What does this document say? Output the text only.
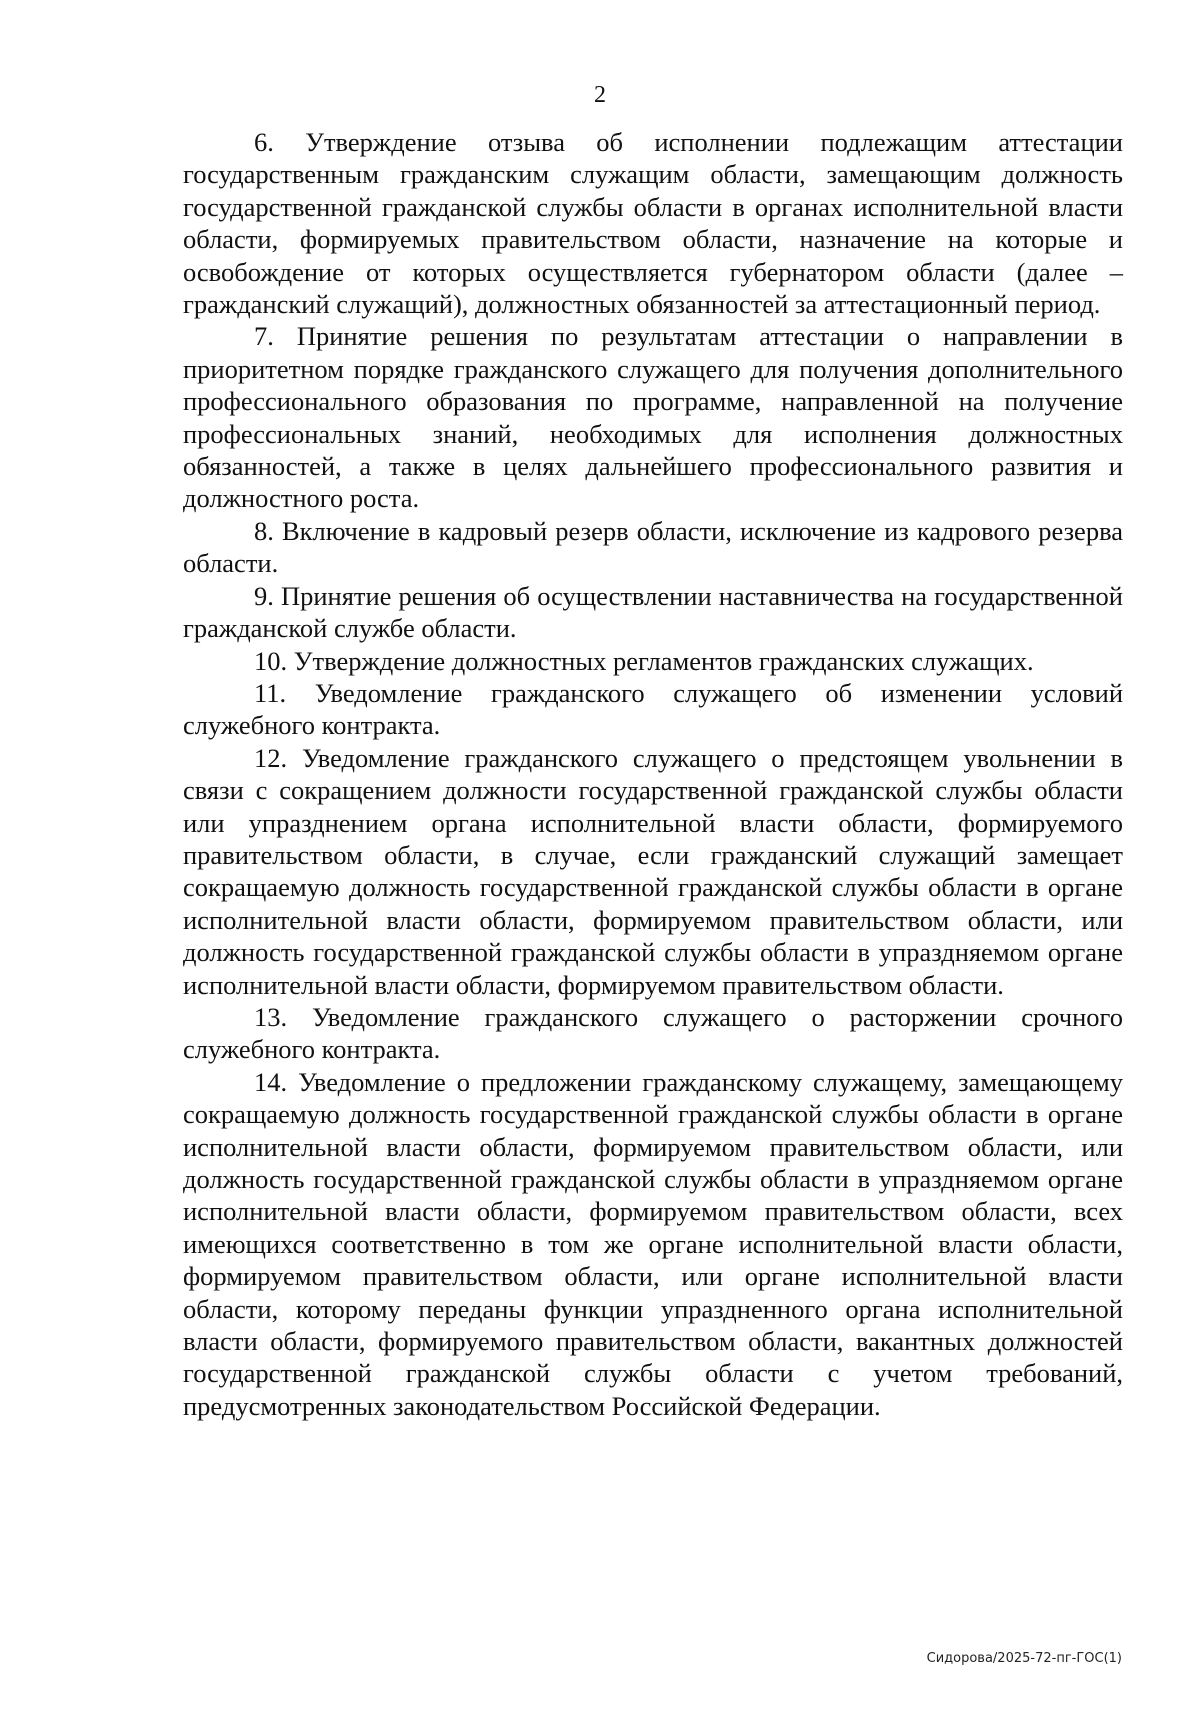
2

6. Утверждение отзыва об исполнении подлежащим аттестации государственным гражданским служащим области, замещающим должность государственной гражданской службы области в органах исполнительной власти области, формируемых правительством области, назначение на которые и освобождение от которых осуществляется губернатором области (далее – гражданский служащий), должностных обязанностей за аттестационный период.

7. Принятие решения по результатам аттестации о направлении в приоритетном порядке гражданского служащего для получения дополнительного профессионального образования по программе, направленной на получение профессиональных знаний, необходимых для исполнения должностных обязанностей, а также в целях дальнейшего профессионального развития и должностного роста.

8. Включение в кадровый резерв области, исключение из кадрового резерва области.

9. Принятие решения об осуществлении наставничества на государственной гражданской службе области.

10. Утверждение должностных регламентов гражданских служащих.

11. Уведомление гражданского служащего об изменении условий служебного контракта.

12. Уведомление гражданского служащего о предстоящем увольнении в связи с сокращением должности государственной гражданской службы области или упразднением органа исполнительной власти области, формируемого правительством области, в случае, если гражданский служащий замещает сокращаемую должность государственной гражданской службы области в органе исполнительной власти области, формируемом правительством области, или должность государственной гражданской службы области в упраздняемом органе исполнительной власти области, формируемом правительством области.

13. Уведомление гражданского служащего о расторжении срочного служебного контракта.

14. Уведомление о предложении гражданскому служащему, замещающему сокращаемую должность государственной гражданской службы области в органе исполнительной власти области, формируемом правительством области, или должность государственной гражданской службы области в упраздняемом органе исполнительной власти области, формируемом правительством области, всех имеющихся соответственно в том же органе исполнительной власти области, формируемом правительством области, или органе исполнительной власти области, которому переданы функции упраздненного органа исполнительной власти области, формируемого правительством области, вакантных должностей государственной гражданской службы области с учетом требований, предусмотренных законодательством Российской Федерации.

Сидорова/2025-72-пг-ГОС(1)
